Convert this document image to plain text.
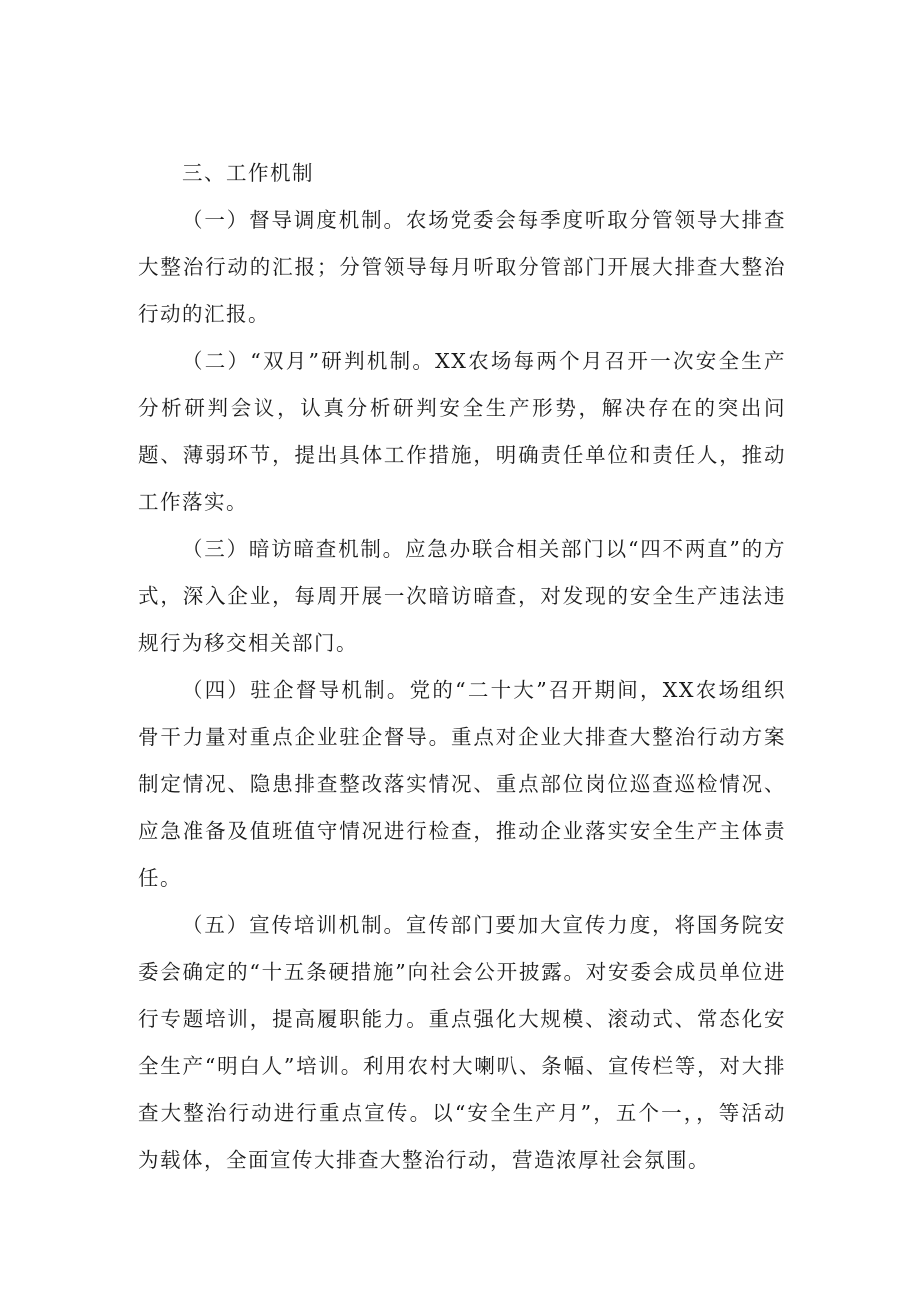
三、工作机制

（一）督导调度机制。农场党委会每季度听取分管领导大排查大整治行动的汇报；分管领导每月听取分管部门开展大排查大整治行动的汇报。

（二）“双月”研判机制。XX农场每两个月召开一次安全生产分析研判会议，认真分析研判安全生产形势，解决存在的突出问题、薄弱环节，提出具体工作措施，明确责任单位和责任人，推动工作落实。

（三）暗访暗查机制。应急办联合相关部门以“四不两直”的方式，深入企业，每周开展一次暗访暗查，对发现的安全生产违法违规行为移交相关部门。

（四）驻企督导机制。党的“二十大”召开期间，XX农场组织骨干力量对重点企业驻企督导。重点对企业大排查大整治行动方案制定情况、隐患排查整改落实情况、重点部位岗位巡查巡检情况、应急准备及值班值守情况进行检查，推动企业落实安全生产主体责任。

（五）宣传培训机制。宣传部门要加大宣传力度，将国务院安委会确定的“十五条硬措施”向社会公开披露。对安委会成员单位进行专题培训，提高履职能力。重点强化大规模、滚动式、常态化安全生产“明白人”培训。利用农村大喇叭、条幅、宣传栏等，对大排查大整治行动进行重点宣传。以“安全生产月”，五个一，，等活动为载体，全面宣传大排查大整治行动，营造浓厚社会氛围。
